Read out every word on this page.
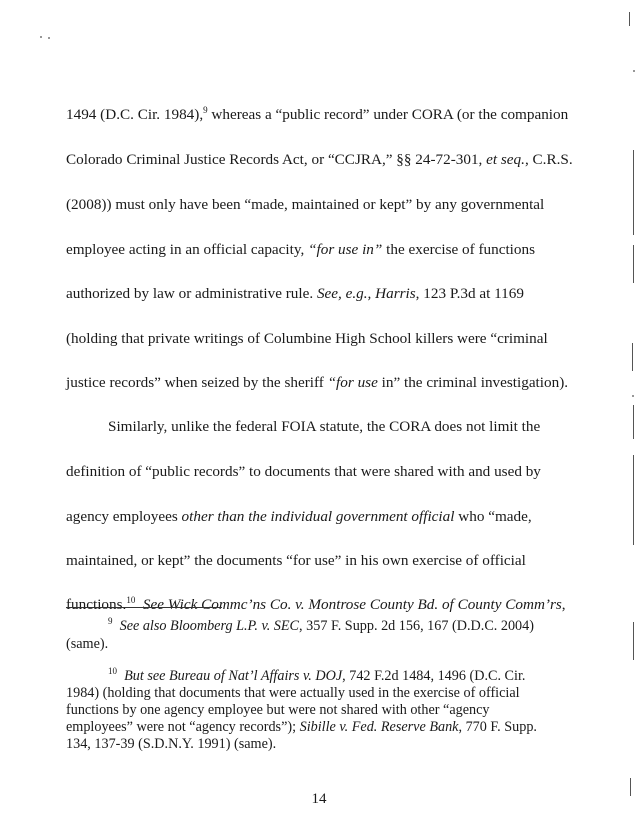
1494 (D.C. Cir. 1984),$^9$ whereas a “public record” under CORA (or the companion
Colorado Criminal Justice Records Act, or “CCJRA,” §§ 24-72-301, et seq., C.R.S.
(2008)) must only have been “made, maintained or kept” by any governmental
employee acting in an official capacity, “for use in” the exercise of functions
authorized by law or administrative rule. See, e.g., Harris, 123 P.3d at 1169
(holding that private writings of Columbine High School killers were “criminal
justice records” when seized by the sheriff “for use in” the criminal investigation).
Similarly, unlike the federal FOIA statute, the CORA does not limit the
definition of “public records” to documents that were shared with and used by
agency employees other than the individual government official who “made,
maintained, or kept” the documents “for use” in his own exercise of official
functions.$^{10}$ See Wick Commc’ns Co. v. Montrose County Bd. of County Comm’rs,
$^9$ See also Bloomberg L.P. v. SEC, 357 F. Supp. 2d 156, 167 (D.D.C. 2004)
(same).
$^{10}$ But see Bureau of Nat’l Affairs v. DOJ, 742 F.2d 1484, 1496 (D.C. Cir.
1984) (holding that documents that were actually used in the exercise of official
functions by one agency employee but were not shared with other “agency
employees” were not “agency records”); Sibille v. Fed. Reserve Bank, 770 F. Supp.
134, 137-39 (S.D.N.Y. 1991) (same).
14
